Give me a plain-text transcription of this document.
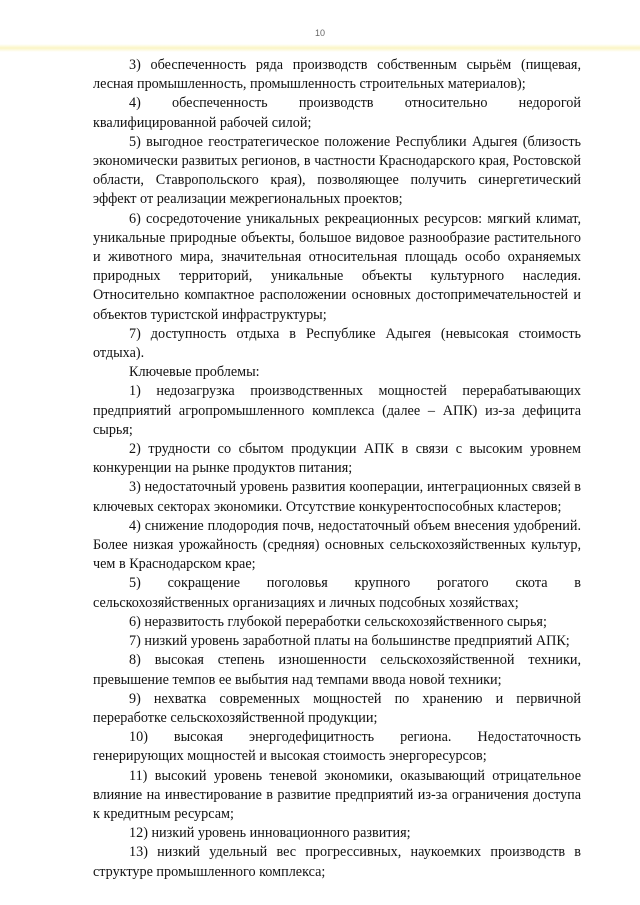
10

3) обеспеченность ряда производств собственным сырьём (пищевая, лесная промышленность, промышленность строительных материалов);

4) обеспеченность производств относительно недорогой квалифицированной рабочей силой;

5) выгодное геостратегическое положение Республики Адыгея (близость экономически развитых регионов, в частности Краснодарского края, Ростовской области, Ставропольского края), позволяющее получить синергетический эффект от реализации межрегиональных проектов;

6) сосредоточение уникальных рекреационных ресурсов: мягкий климат, уникальные природные объекты, большое видовое разнообразие растительного и животного мира, значительная относительная площадь особо охраняемых природных территорий, уникальные объекты культурного наследия. Относительно компактное расположении основных достопримечательностей и объектов туристской инфраструктуры;

7) доступность отдыха в Республике Адыгея (невысокая стоимость отдыха).

Ключевые проблемы:

1) недозагрузка производственных мощностей перерабатывающих предприятий агропромышленного комплекса (далее – АПК) из-за дефицита сырья;

2) трудности со сбытом продукции АПК в связи с высоким уровнем конкуренции на рынке продуктов питания;

3) недостаточный уровень развития кооперации, интеграционных связей в ключевых секторах экономики. Отсутствие конкурентоспособных кластеров;

4) снижение плодородия почв, недостаточный объем внесения удобрений. Более низкая урожайность (средняя) основных сельскохозяйственных культур, чем в Краснодарском крае;

5) сокращение поголовья крупного рогатого скота в сельскохозяйственных организациях и личных подсобных хозяйствах;

6) неразвитость глубокой переработки сельскохозяйственного сырья;

7) низкий уровень заработной платы на большинстве предприятий АПК;

8) высокая степень изношенности сельскохозяйственной техники, превышение темпов ее выбытия над темпами ввода новой техники;

9) нехватка современных мощностей по хранению и первичной переработке сельскохозяйственной продукции;

10) высокая энергодефицитность региона. Недостаточность генерирующих мощностей и высокая стоимость энергоресурсов;

11) высокий уровень теневой экономики, оказывающий отрицательное влияние на инвестирование в развитие предприятий из-за ограничения доступа к кредитным ресурсам;

12) низкий уровень инновационного развития;

13) низкий удельный вес прогрессивных, наукоемких производств в структуре промышленного комплекса;
